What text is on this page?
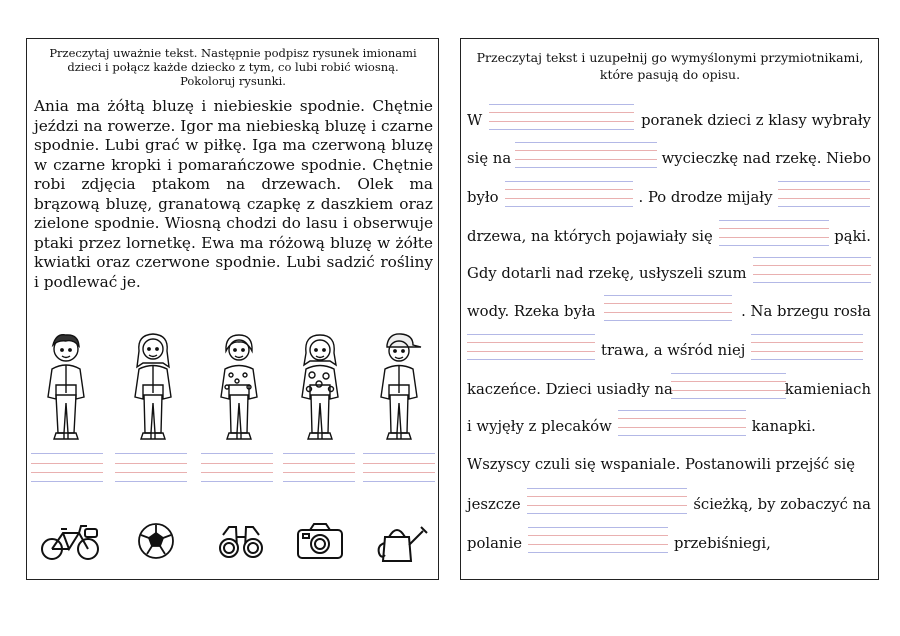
Przeczytaj uważnie tekst. Następnie podpisz rysunek imionami dzieci i połącz każde dziecko z tym, co lubi robić wiosną. Pokoloruj rysunki.
Ania ma żółtą bluzę i niebieskie spodnie. Chętnie jeździ na rowerze. Igor ma niebieską bluzę i czarne spodnie. Lubi grać w piłkę. Iga ma czerwoną bluzę w czarne kropki i pomarańczowe spodnie. Chętnie robi zdjęcia ptakom na drzewach. Olek ma brązową bluzę, granatową czapkę z daszkiem oraz zielone spodnie. Wiosną chodzi do lasu i obserwuje ptaki przez lornetkę. Ewa ma różową bluzę w żółte kwiatki oraz czerwone spodnie. Lubi sadzić rośliny i podlewać je.
Przeczytaj tekst i uzupełnij go wymyślonymi przymiotnikami, które pasują do opisu.
W	poranek dzieci z klasy wybrały
się na	wycieczkę nad rzekę. Niebo
było	. Po drodze mijały
drzewa, na których pojawiały się	pąki.
Gdy dotarli nad rzekę, usłyszeli szum
wody. Rzeka była	. Na brzegu rosła
trawa, a wśród niej
kaczeńce. Dzieci usiadły na	kamieniach
i wyjęły z plecaków	kanapki.
Wszyscy czuli się wspaniale. Postanowili przejść się
jeszcze	ścieżką, by zobaczyć na
polanie	przebiśniegi,
